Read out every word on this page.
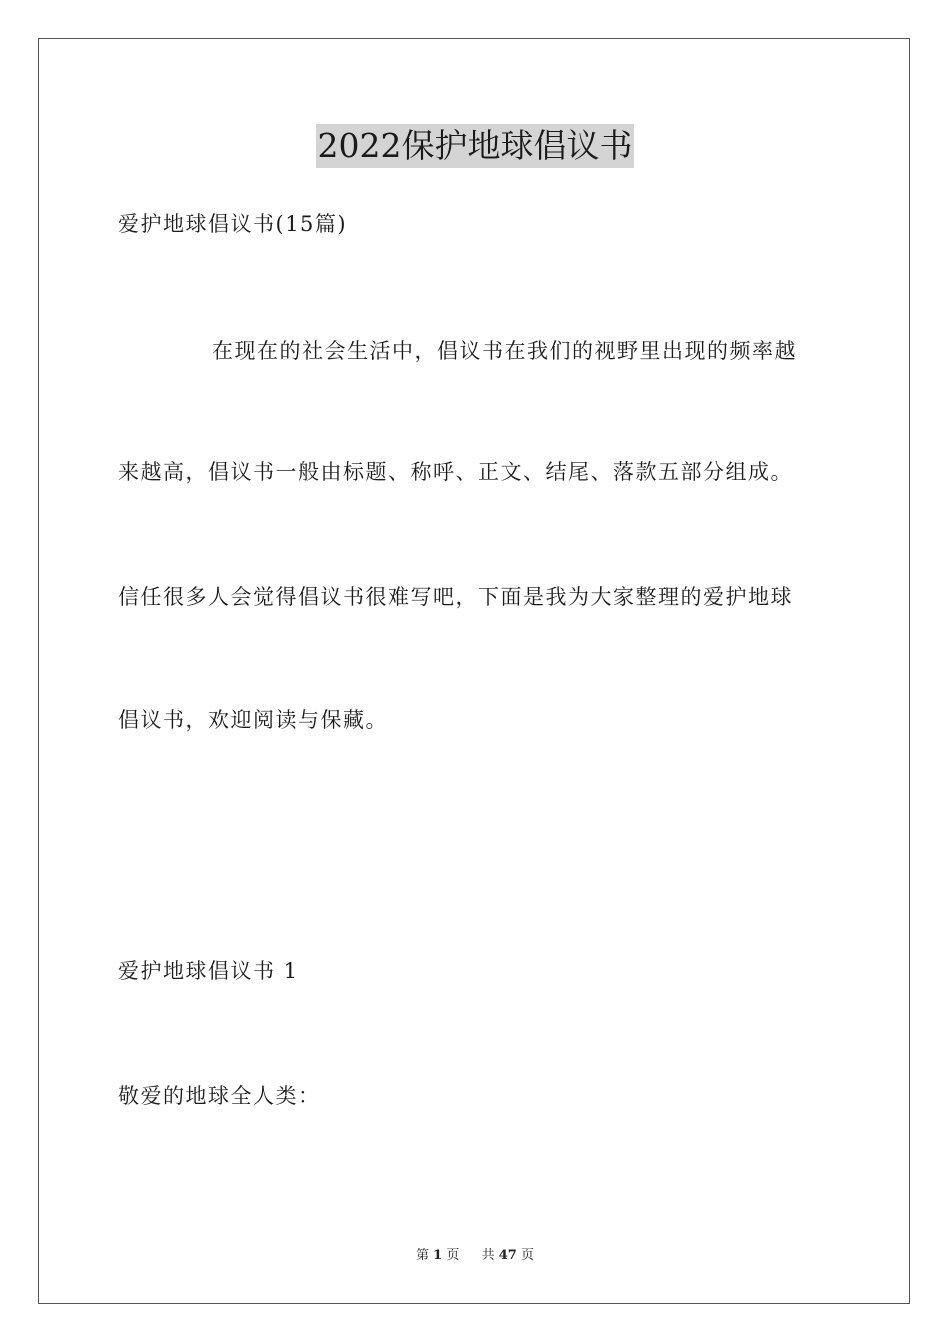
2022保护地球倡议书
爱护地球倡议书(15篇)
在现在的社会生活中，倡议书在我们的视野里出现的频率越
来越高，倡议书一般由标题、称呼、正文、结尾、落款五部分组成。
信任很多人会觉得倡议书很难写吧，下面是我为大家整理的爱护地球
倡议书，欢迎阅读与保藏。
爱护地球倡议书 1
敬爱的地球全人类：
第 1 页 共 47 页
